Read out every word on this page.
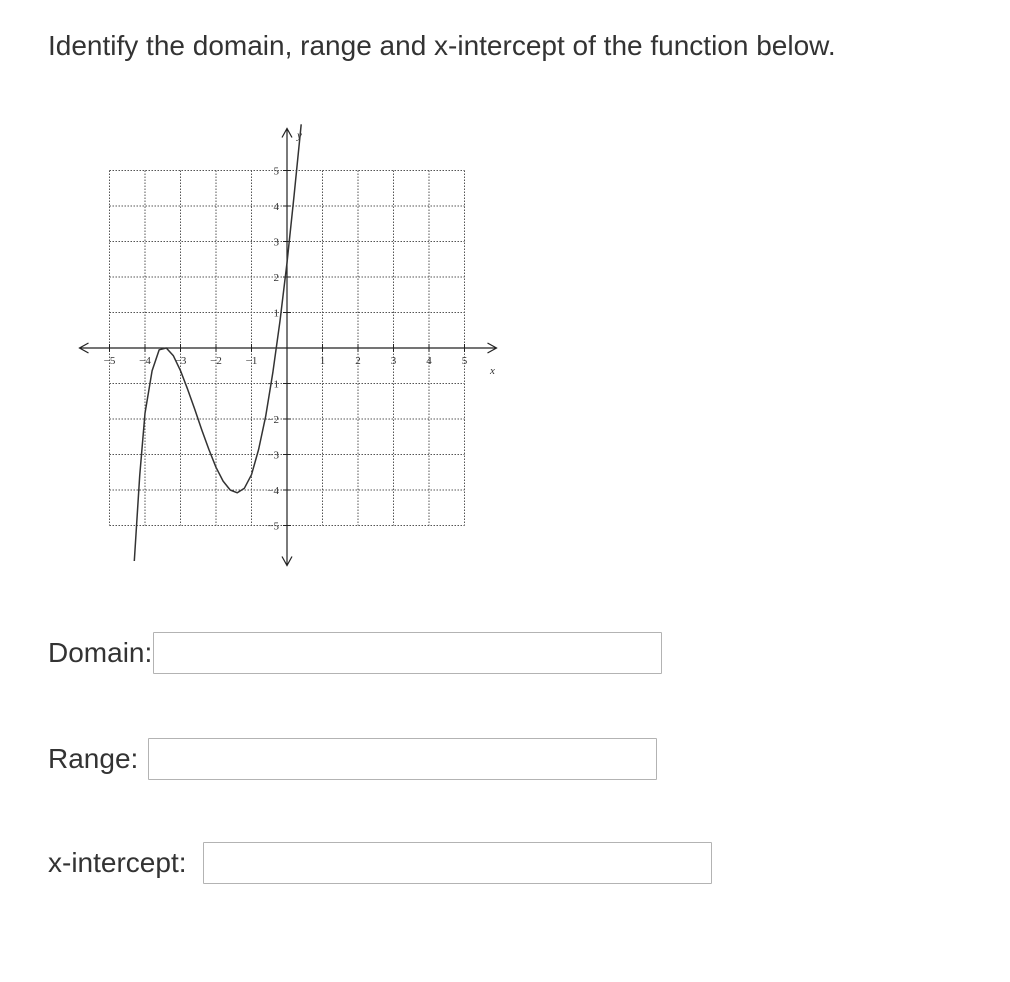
Identify the domain, range and x-intercept of the function below.
−5 −4 −3 −2 −1	1	2	3	4	5
5
4
3
2
1
−1
−2
−3
−4
−5
x
y
Domain:
Range:
x-intercept:
